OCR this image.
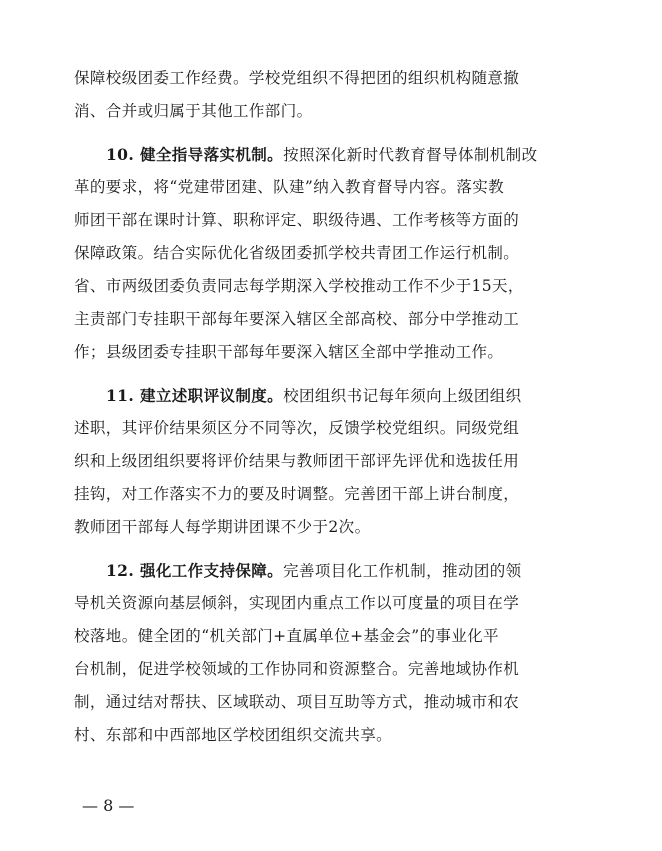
保障校级团委工作经费。学校党组织不得把团的组织机构随意撤
消、合并或归属于其他工作部门。
10. 健全指导落实机制。按照深化新时代教育督导体制机制改
革的要求，将“党建带团建、队建”纳入教育督导内容。落实教
师团干部在课时计算、职称评定、职级待遇、工作考核等方面的
保障政策。结合实际优化省级团委抓学校共青团工作运行机制。
省、市两级团委负责同志每学期深入学校推动工作不少于15天，
主责部门专挂职干部每年要深入辖区全部高校、部分中学推动工
作；县级团委专挂职干部每年要深入辖区全部中学推动工作。
11. 建立述职评议制度。校团组织书记每年须向上级团组织
述职，其评价结果须区分不同等次，反馈学校党组织。同级党组
织和上级团组织要将评价结果与教师团干部评先评优和选拔任用
挂钩，对工作落实不力的要及时调整。完善团干部上讲台制度，
教师团干部每人每学期讲团课不少于2次。
12. 强化工作支持保障。完善项目化工作机制，推动团的领
导机关资源向基层倾斜，实现团内重点工作以可度量的项目在学
校落地。健全团的“机关部门+直属单位+基金会”的事业化平
台机制，促进学校领域的工作协同和资源整合。完善地域协作机
制，通过结对帮扶、区域联动、项目互助等方式，推动城市和农
村、东部和中西部地区学校团组织交流共享。
— 8 —
